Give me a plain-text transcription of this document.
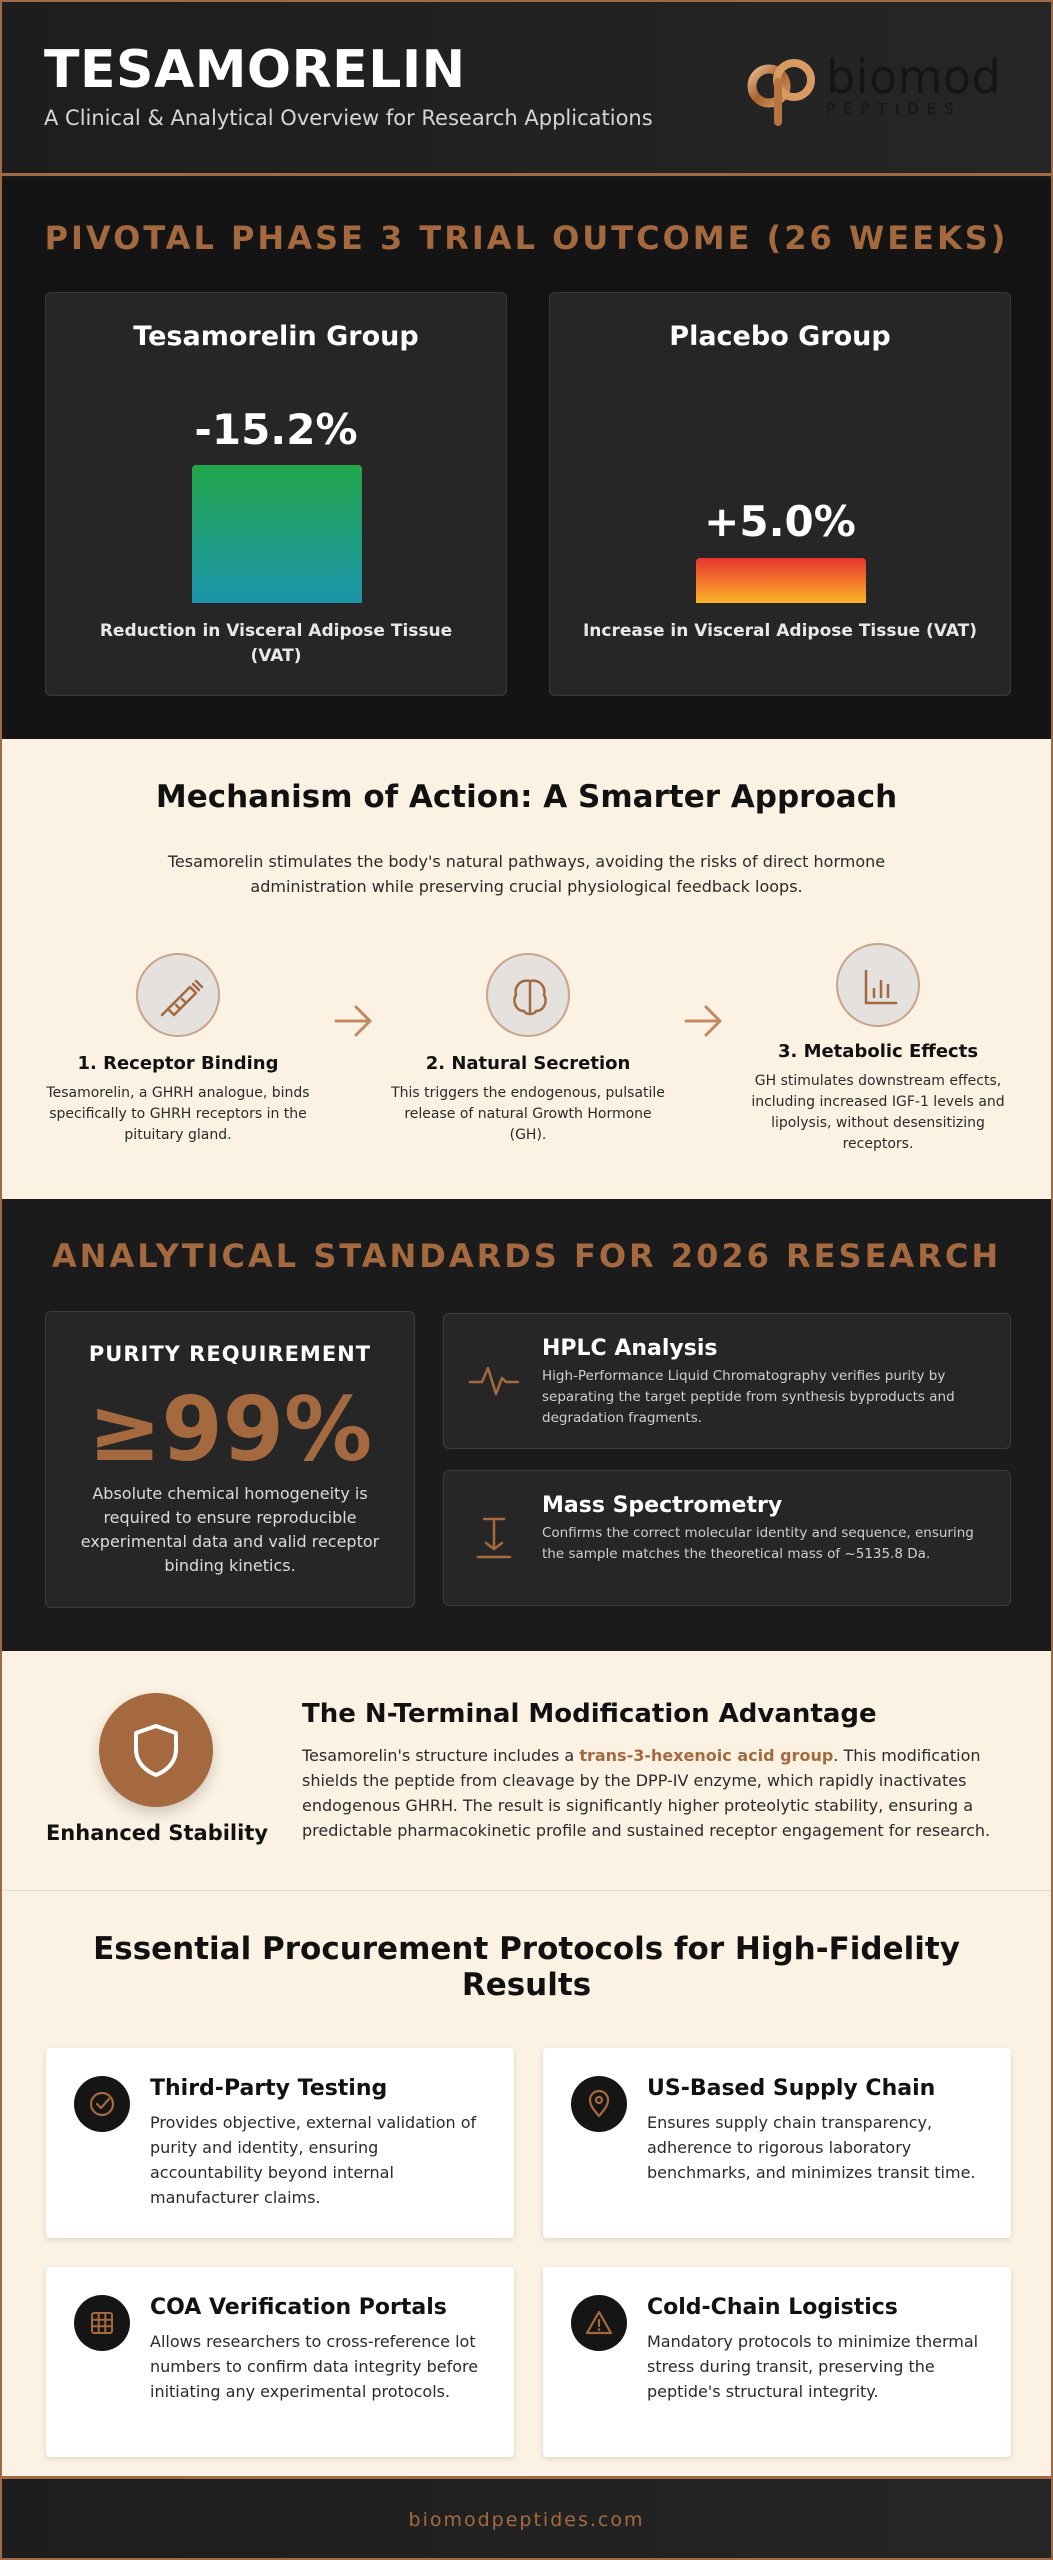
TESAMORELIN
A Clinical & Analytical Overview for Research Applications
biomod
PEPTIDES
PIVOTAL PHASE 3 TRIAL OUTCOME (26 WEEKS)
Tesamorelin Group
-15.2%
Reduction in Visceral Adipose Tissue (VAT)
Placebo Group
+5.0%
Increase in Visceral Adipose Tissue (VAT)
Mechanism of Action: A Smarter Approach
Tesamorelin stimulates the body's natural pathways, avoiding the risks of direct hormone administration while preserving crucial physiological feedback loops.
1. Receptor Binding
Tesamorelin, a GHRH analogue, binds specifically to GHRH receptors in the pituitary gland.
2. Natural Secretion
This triggers the endogenous, pulsatile release of natural Growth Hormone (GH).
3. Metabolic Effects
GH stimulates downstream effects, including increased IGF-1 levels and lipolysis, without desensitizing receptors.
ANALYTICAL STANDARDS FOR 2026 RESEARCH
PURITY REQUIREMENT
≥99%
Absolute chemical homogeneity is required to ensure reproducible experimental data and valid receptor binding kinetics.
HPLC Analysis
High-Performance Liquid Chromatography verifies purity by separating the target peptide from synthesis byproducts and degradation fragments.
Mass Spectrometry
Confirms the correct molecular identity and sequence, ensuring the sample matches the theoretical mass of ~5135.8 Da.
Enhanced Stability
The N-Terminal Modification Advantage
Tesamorelin's structure includes a trans-3-hexenoic acid group. This modification shields the peptide from cleavage by the DPP-IV enzyme, which rapidly inactivates endogenous GHRH. The result is significantly higher proteolytic stability, ensuring a predictable pharmacokinetic profile and sustained receptor engagement for research.
Essential Procurement Protocols for High-Fidelity Results
Third-Party Testing
Provides objective, external validation of purity and identity, ensuring accountability beyond internal manufacturer claims.
US-Based Supply Chain
Ensures supply chain transparency, adherence to rigorous laboratory benchmarks, and minimizes transit time.
COA Verification Portals
Allows researchers to cross-reference lot numbers to confirm data integrity before initiating any experimental protocols.
Cold-Chain Logistics
Mandatory protocols to minimize thermal stress during transit, preserving the peptide's structural integrity.
biomodpeptides.com
